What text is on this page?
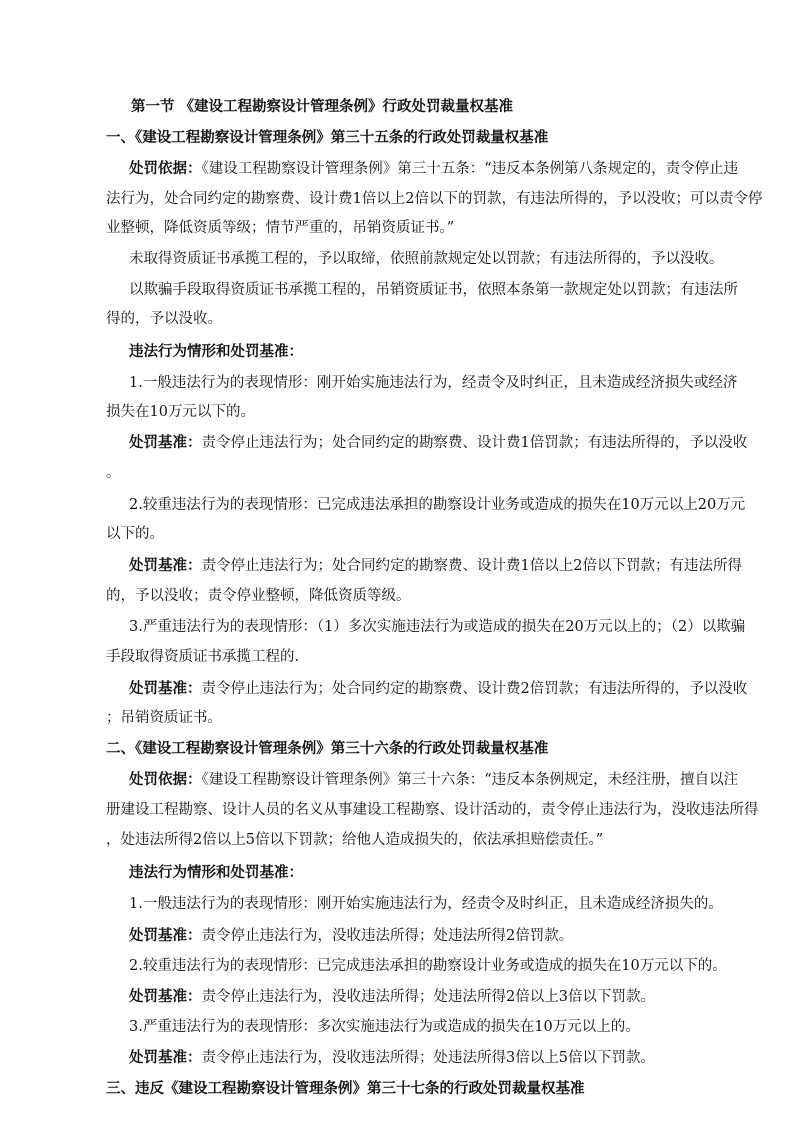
第一节 《建设工程勘察设计管理条例》行政处罚裁量权基准
一、《建设工程勘察设计管理条例》第三十五条的行政处罚裁量权基准
处罚依据：《建设工程勘察设计管理条例》第三十五条：“违反本条例第八条规定的，责令停止违
法行为，处合同约定的勘察费、设计费1倍以上2倍以下的罚款，有违法所得的，予以没收；可以责令停
业整顿，降低资质等级；情节严重的，吊销资质证书。”
未取得资质证书承揽工程的，予以取缔，依照前款规定处以罚款；有违法所得的，予以没收。
以欺骗手段取得资质证书承揽工程的，吊销资质证书，依照本条第一款规定处以罚款；有违法所
得的，予以没收。
违法行为情形和处罚基准：
1.一般违法行为的表现情形：刚开始实施违法行为，经责令及时纠正，且未造成经济损失或经济
损失在10万元以下的。
处罚基准：责令停止违法行为；处合同约定的勘察费、设计费1倍罚款；有违法所得的，予以没收
。
2.较重违法行为的表现情形：已完成违法承担的勘察设计业务或造成的损失在10万元以上20万元
以下的。
处罚基准：责令停止违法行为；处合同约定的勘察费、设计费1倍以上2倍以下罚款；有违法所得
的，予以没收；责令停业整顿，降低资质等级。
3.严重违法行为的表现情形：（1）多次实施违法行为或造成的损失在20万元以上的；（2）以欺骗
手段取得资质证书承揽工程的.
处罚基准：责令停止违法行为；处合同约定的勘察费、设计费2倍罚款；有违法所得的，予以没收
；吊销资质证书。
二、《建设工程勘察设计管理条例》第三十六条的行政处罚裁量权基准
处罚依据：《建设工程勘察设计管理条例》第三十六条：“违反本条例规定，未经注册，擅自以注
册建设工程勘察、设计人员的名义从事建设工程勘察、设计活动的，责令停止违法行为，没收违法所得
，处违法所得2倍以上5倍以下罚款；给他人造成损失的，依法承担赔偿责任。”
违法行为情形和处罚基准：
1.一般违法行为的表现情形：刚开始实施违法行为，经责令及时纠正，且未造成经济损失的。
处罚基准：责令停止违法行为，没收违法所得；处违法所得2倍罚款。
2.较重违法行为的表现情形：已完成违法承担的勘察设计业务或造成的损失在10万元以下的。
处罚基准：责令停止违法行为，没收违法所得；处违法所得2倍以上3倍以下罚款。
3.严重违法行为的表现情形：多次实施违法行为或造成的损失在10万元以上的。
处罚基准：责令停止违法行为，没收违法所得；处违法所得3倍以上5倍以下罚款。
三、违反《建设工程勘察设计管理条例》第三十七条的行政处罚裁量权基准
